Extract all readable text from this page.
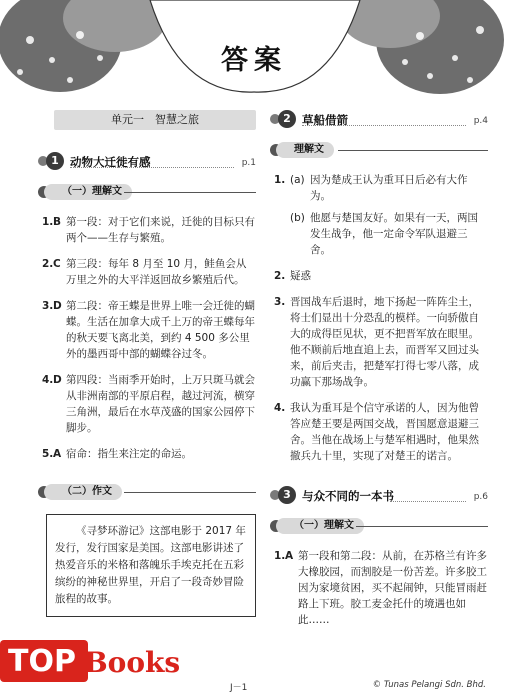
答案
单元一　智慧之旅
1 动物大迁徙有感	p.1
（一）理解文
1. B 第一段：对于它们来说，迁徙的目标只有两个——生存与繁殖。
2. C 第三段：每年 8 月至 10 月，鲑鱼会从万里之外的大平洋返回故乡繁殖后代。
3. D 第二段：帝王蝶是世界上唯一会迁徙的蝴蝶。生活在加拿大成千上万的帝王蝶每年的秋天要飞离北美，到约 4 500 多公里外的墨西哥中部的蝴蝶谷过冬。
4. D 第四段：当雨季开始时，上万只斑马就会从非洲南部的平原启程，越过河流，横穿三角洲，最后在水草茂盛的国家公园停下脚步。
5. A 宿命：指生来注定的命运。
（二）作文
《寻梦环游记》这部电影于 2017 年发行，发行国家是美国。这部电影讲述了热爱音乐的米格和落魄乐手埃克托在五彩缤纷的神秘世界里，开启了一段奇妙冒险旅程的故事。
2 草船借箭	p.4
理解文
1. (a) 因为楚成王认为重耳日后必有大作为。
(b) 他愿与楚国友好。如果有一天，两国发生战争，他一定命令军队退避三舍。
2. 疑惑
3. 晋国战车后退时，地下扬起一阵阵尘土，将士们显出十分恐乱的模样。一向骄傲自大的成得臣见状，更不把晋军放在眼里。他不顾前后地直追上去，而晋军又回过头来，前后夹击，把楚军打得七零八落，成功赢下那场战争。
4. 我认为重耳是个信守承诺的人，因为他曾答应楚王要是两国交战，晋国愿意退避三舍。当他在战场上与楚军相遇时，他果然撤兵九十里，实现了对楚王的诺言。
3 与众不同的一本书	p.6
（一）理解文
1. A 第一段和第二段：从前，在苏格兰有许多大橡胶园，而割胶是一份苦差。许多胶工因为家境贫困，买不起闹钟，只能冒雨赶路上下班。胶工麦金托什的境遇也如此……
TOP Books
J－1	© Tunas Pelangi Sdn. Bhd.
